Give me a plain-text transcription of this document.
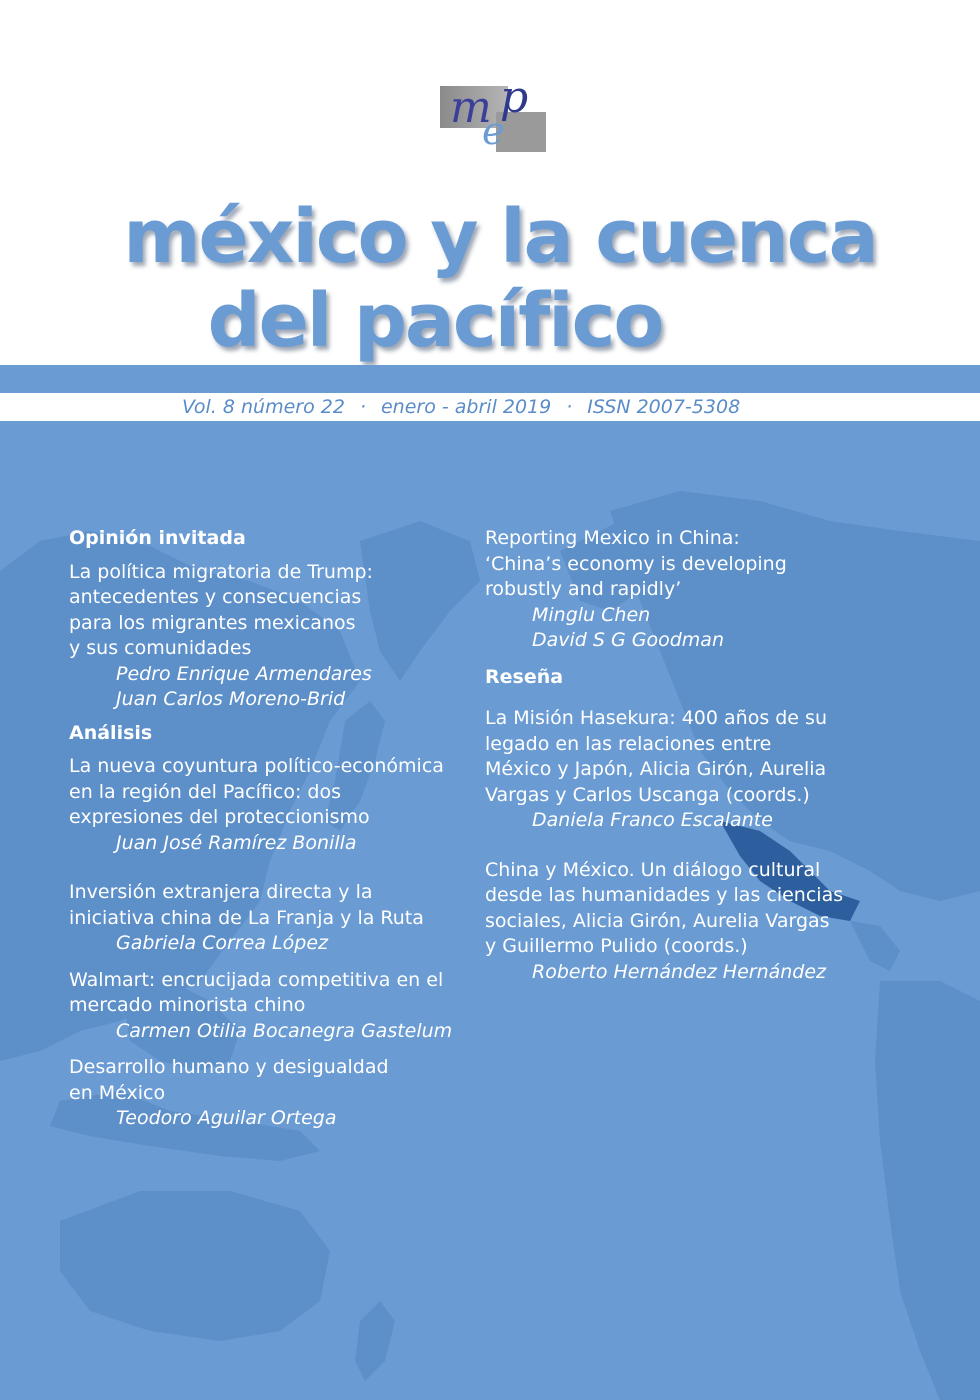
m p
e
méxico y la cuenca
del pacífico
Vol. 8 número 22 · enero - abril 2019 · ISSN 2007-5308
Opinión invitada
La política migratoria de Trump:
antecedentes y consecuencias
para los migrantes mexicanos
y sus comunidades
Pedro Enrique Armendares
Juan Carlos Moreno-Brid
Análisis
La nueva coyuntura político-económica
en la región del Pacífico: dos
expresiones del proteccionismo
Juan José Ramírez Bonilla
Inversión extranjera directa y la
iniciativa china de La Franja y la Ruta
Gabriela Correa López
Walmart: encrucijada competitiva en el
mercado minorista chino
Carmen Otilia Bocanegra Gastelum
Desarrollo humano y desigualdad
en México
Teodoro Aguilar Ortega
Reporting Mexico in China:
‘China’s economy is developing
robustly and rapidly’
Minglu Chen
David S G Goodman
Reseña
La Misión Hasekura: 400 años de su
legado en las relaciones entre
México y Japón, Alicia Girón, Aurelia
Vargas y Carlos Uscanga (coords.)
Daniela Franco Escalante
China y México. Un diálogo cultural
desde las humanidades y las ciencias
sociales, Alicia Girón, Aurelia Vargas
y Guillermo Pulido (coords.)
Roberto Hernández Hernández
